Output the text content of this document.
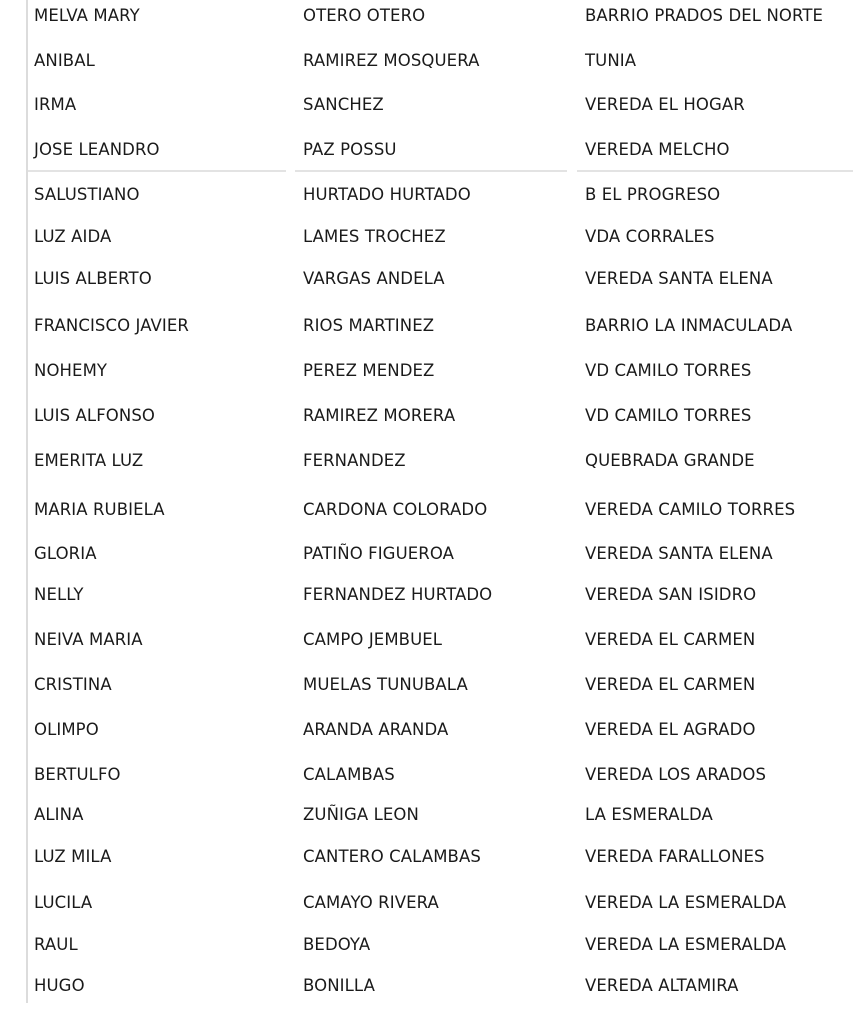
MELVA MARY	OTERO OTERO	BARRIO PRADOS DEL NORTE
ANIBAL	RAMIREZ MOSQUERA	TUNIA
IRMA	SANCHEZ	VEREDA EL HOGAR
JOSE LEANDRO	PAZ POSSU	VEREDA MELCHO
SALUSTIANO	HURTADO HURTADO	B EL PROGRESO
LUZ AIDA	LAMES TROCHEZ	VDA CORRALES
LUIS ALBERTO	VARGAS ANDELA	VEREDA SANTA ELENA
FRANCISCO JAVIER	RIOS MARTINEZ	BARRIO LA INMACULADA
NOHEMY	PEREZ MENDEZ	VD CAMILO TORRES
LUIS ALFONSO	RAMIREZ MORERA	VD CAMILO TORRES
EMERITA LUZ	FERNANDEZ	QUEBRADA GRANDE
MARIA RUBIELA	CARDONA COLORADO	VEREDA CAMILO TORRES
GLORIA	PATIÑO FIGUEROA	VEREDA SANTA ELENA
NELLY	FERNANDEZ HURTADO	VEREDA SAN ISIDRO
NEIVA MARIA	CAMPO JEMBUEL	VEREDA EL CARMEN
CRISTINA	MUELAS TUNUBALA	VEREDA EL CARMEN
OLIMPO	ARANDA ARANDA	VEREDA EL AGRADO
BERTULFO	CALAMBAS	VEREDA LOS ARADOS
ALINA	ZUÑIGA LEON	LA ESMERALDA
LUZ MILA	CANTERO CALAMBAS	VEREDA FARALLONES
LUCILA	CAMAYO RIVERA	VEREDA LA ESMERALDA
RAUL	BEDOYA	VEREDA LA ESMERALDA
HUGO	BONILLA	VEREDA ALTAMIRA
